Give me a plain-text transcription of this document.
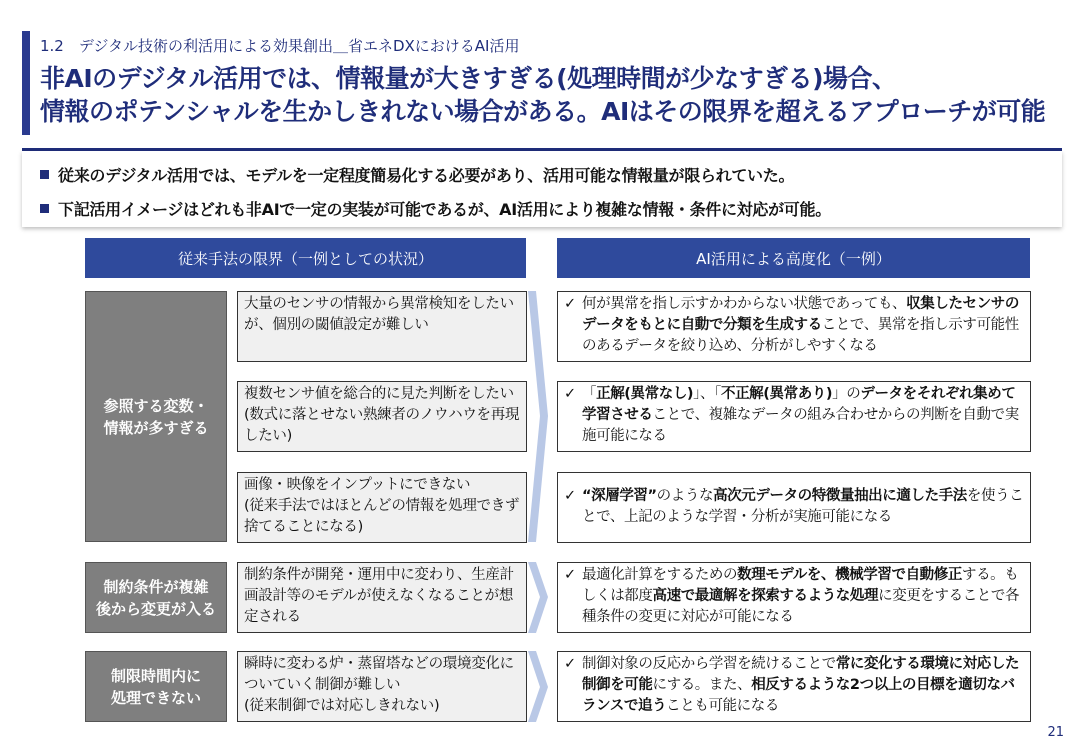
1.2　デジタル技術の利活用による効果創出＿省エネDXにおけるAI活用
非AIのデジタル活用では、情報量が大きすぎる(処理時間が少なすぎる)場合、
情報のポテンシャルを生かしきれない場合がある。AIはその限界を超えるアプローチが可能
従来のデジタル活用では、モデルを一定程度簡易化する必要があり、活用可能な情報量が限られていた。
下記活用イメージはどれも非AIで一定の実装が可能であるが、AI活用により複雑な情報・条件に対応が可能。
従来手法の限界（一例としての状況）	AI活用による高度化（一例）
参照する変数・
情報が多すぎる
制約条件が複雑
後から変更が入る
制限時間内に
処理できない
大量のセンサの情報から異常検知をしたいが、個別の閾値設定が難しい
複数センサ値を総合的に見た判断をしたい(数式に落とせない熟練者のノウハウを再現したい)
画像・映像をインプットにできない
(従来手法ではほとんどの情報を処理できず捨てることになる)
制約条件が開発・運用中に変わり、生産計画設計等のモデルが使えなくなることが想定される
瞬時に変わる炉・蒸留塔などの環境変化についていく制御が難しい
(従来制御では対応しきれない)
✓ 何が異常を指し示すかわからない状態であっても、収集したセンサのデータをもとに自動で分類を生成することで、異常を指し示す可能性のあるデータを絞り込め、分析がしやすくなる
✓ 「正解(異常なし)」、「不正解(異常あり)」のデータをそれぞれ集めて学習させることで、複雑なデータの組み合わせからの判断を自動で実施可能になる
✓ “深層学習”のような高次元データの特徴量抽出に適した手法を使うことで、上記のような学習・分析が実施可能になる
✓ 最適化計算をするための数理モデルを、機械学習で自動修正する。もしくは都度高速で最適解を探索するような処理に変更をすることで各種条件の変更に対応が可能になる
✓ 制御対象の反応から学習を続けることで常に変化する環境に対応した制御を可能にする。また、相反するような2つ以上の目標を適切なバランスで追うことも可能になる
21
